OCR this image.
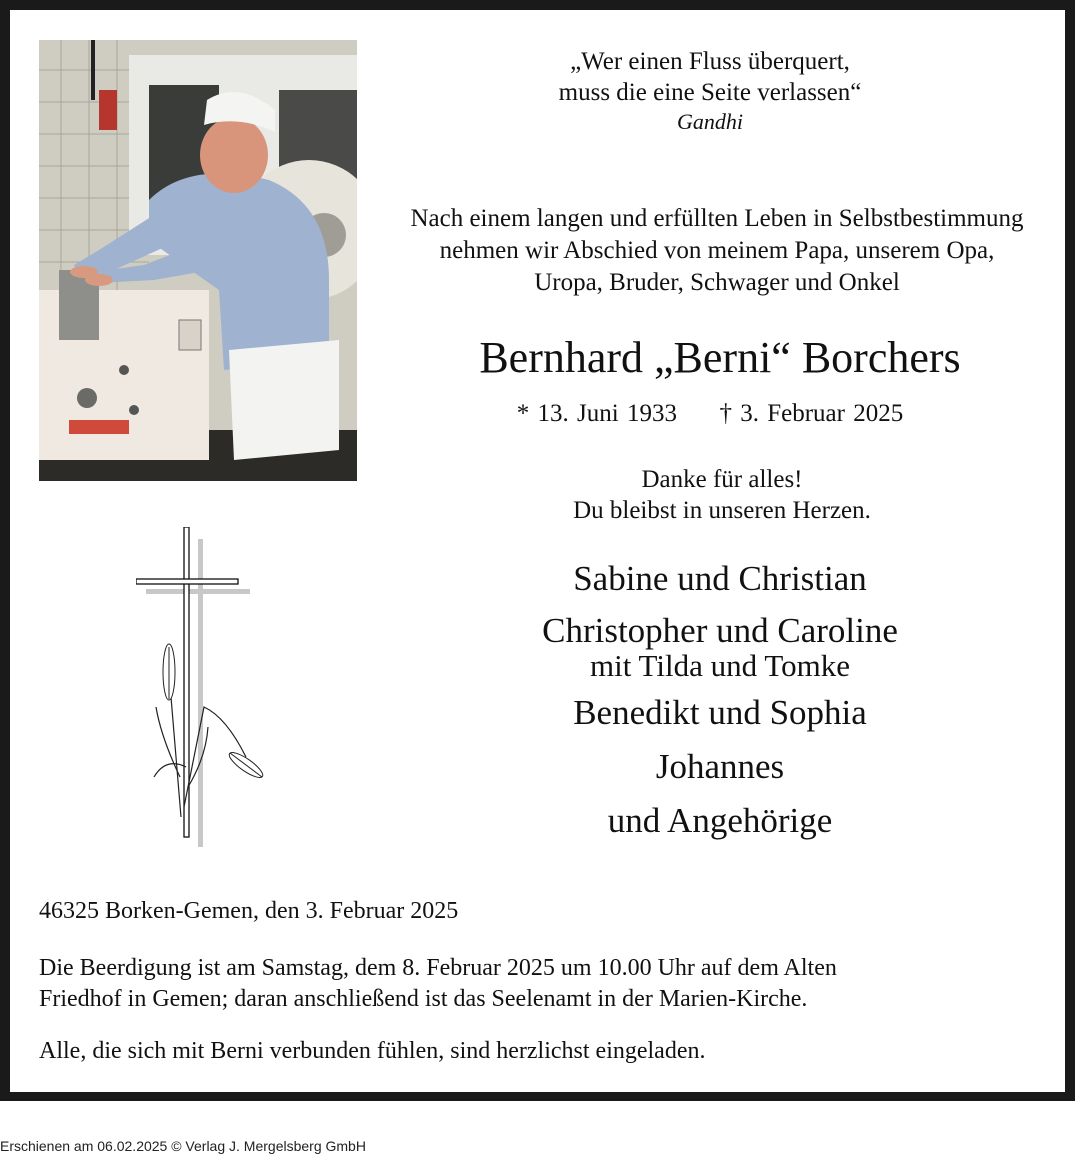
„Wer einen Fluss überquert,
muss die eine Seite verlassen“
Gandhi
Nach einem langen und erfüllten Leben in Selbstbestimmung
nehmen wir Abschied von meinem Papa, unserem Opa,
Uropa, Bruder, Schwager und Onkel
Bernhard „Berni“ Borchers
* 13. Juni 1933 † 3. Februar 2025
Danke für alles!
Du bleibst in unseren Herzen.
Sabine und Christian
Christopher und Caroline
mit Tilda und Tomke
Benedikt und Sophia
Johannes
und Angehörige
46325 Borken-Gemen, den 3. Februar 2025
Die Beerdigung ist am Samstag, dem 8. Februar 2025 um 10.00 Uhr auf dem Alten
Friedhof in Gemen; daran anschließend ist das Seelenamt in der Marien-Kirche.
Alle, die sich mit Berni verbunden fühlen, sind herzlichst eingeladen.
Erschienen am 06.02.2025 © Verlag J. Mergelsberg GmbH
